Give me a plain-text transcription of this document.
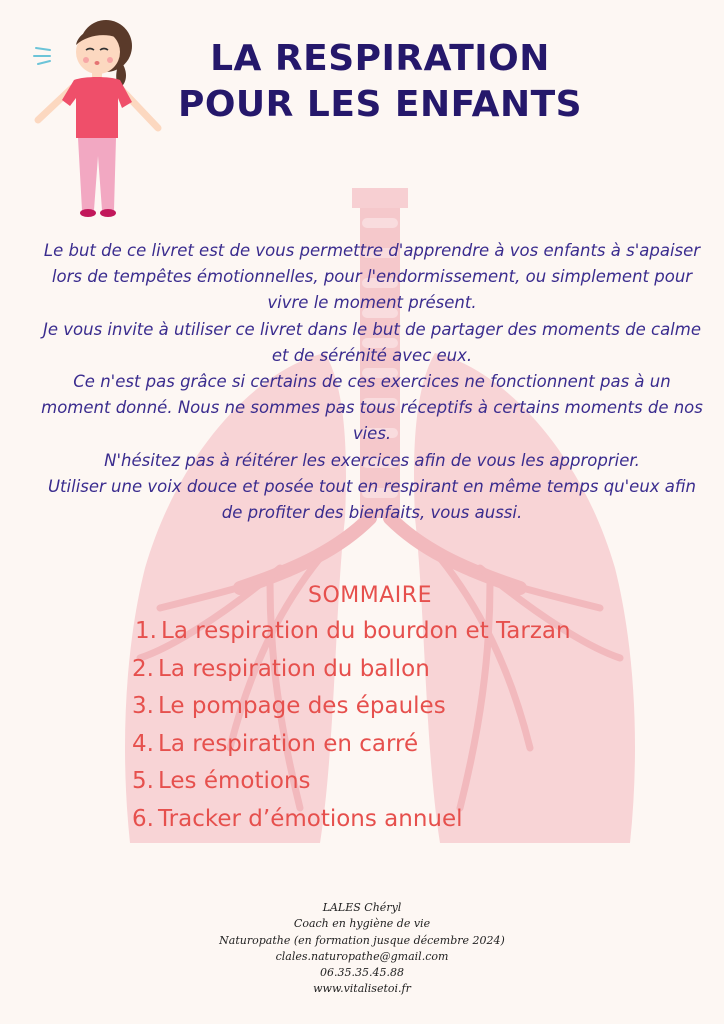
LA RESPIRATION
POUR LES ENFANTS

Le but de ce livret est de vous permettre d'apprendre à vos enfants à s'apaiser lors de tempêtes émotionnelles, pour l'endormissement, ou simplement pour vivre le moment présent.

Je vous invite à utiliser ce livret dans le but de partager des moments de calme et de sérénité avec eux.

Ce n'est pas grâce si certains de ces exercices ne fonctionnent pas à un moment donné. Nous ne sommes pas tous réceptifs à certains moments de nos vies.

N'hésitez pas à réitérer les exercices afin de vous les approprier.

Utiliser une voix douce et posée tout en respirant en même temps qu'eux afin de profiter des bienfaits, vous aussi.

SOMMAIRE
1. La respiration du bourdon et Tarzan
2. La respiration du ballon
3. Le pompage des épaules
4. La respiration en carré
5. Les émotions
6. Tracker d’émotions annuel
LALES Chéryl
Coach en hygiène de vie
Naturopathe (en formation jusque décembre 2024)
clales.naturopathe@gmail.com
06.35.35.45.88
www.vitalisetoi.fr
